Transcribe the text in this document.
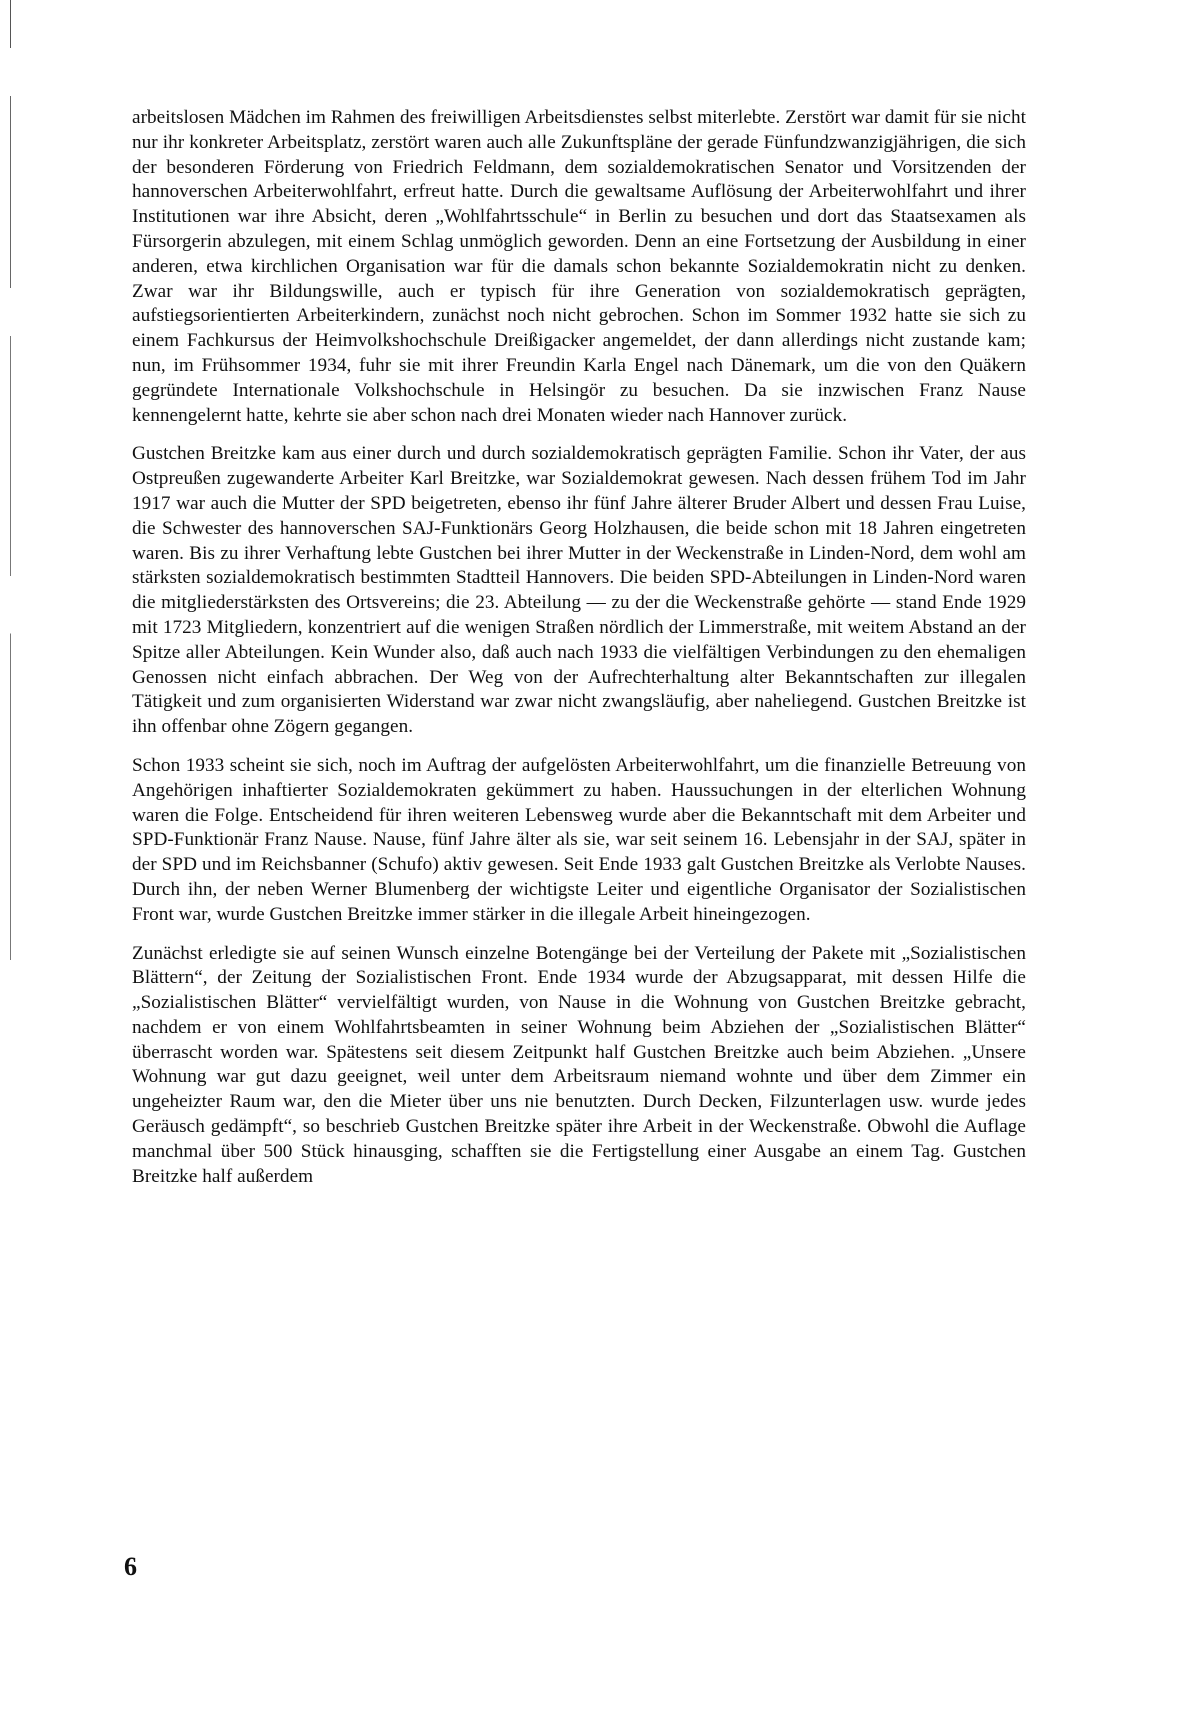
arbeitslosen Mädchen im Rahmen des freiwilligen Arbeitsdienstes selbst miterlebte. Zerstört war damit für sie nicht nur ihr konkreter Arbeitsplatz, zerstört waren auch alle Zukunftspläne der gerade Fünfundzwanzigjährigen, die sich der besonderen Förderung von Friedrich Feldmann, dem sozialdemokratischen Senator und Vorsitzenden der hannoverschen Arbeiterwohlfahrt, erfreut hatte. Durch die gewaltsame Auflösung der Arbeiterwohlfahrt und ihrer Institutionen war ihre Absicht, deren „Wohlfahrtsschule“ in Berlin zu besuchen und dort das Staatsexamen als Fürsorgerin abzulegen, mit einem Schlag unmöglich geworden. Denn an eine Fortsetzung der Ausbildung in einer anderen, etwa kirchlichen Organisation war für die damals schon bekannte Sozialdemokratin nicht zu denken. Zwar war ihr Bildungswille, auch er typisch für ihre Generation von sozialdemokratisch geprägten, aufstiegsorientierten Arbeiterkindern, zunächst noch nicht gebrochen. Schon im Sommer 1932 hatte sie sich zu einem Fachkursus der Heimvolkshochschule Dreißigacker angemeldet, der dann allerdings nicht zustande kam; nun, im Frühsommer 1934, fuhr sie mit ihrer Freundin Karla Engel nach Dänemark, um die von den Quäkern gegründete Internationale Volkshochschule in Helsingör zu besuchen. Da sie inzwischen Franz Nause kennengelernt hatte, kehrte sie aber schon nach drei Monaten wieder nach Hannover zurück.

Gustchen Breitzke kam aus einer durch und durch sozialdemokratisch geprägten Familie. Schon ihr Vater, der aus Ostpreußen zugewanderte Arbeiter Karl Breitzke, war Sozialdemokrat gewesen. Nach dessen frühem Tod im Jahr 1917 war auch die Mutter der SPD beigetreten, ebenso ihr fünf Jahre älterer Bruder Albert und dessen Frau Luise, die Schwester des hannoverschen SAJ-Funktionärs Georg Holzhausen, die beide schon mit 18 Jahren eingetreten waren. Bis zu ihrer Verhaftung lebte Gustchen bei ihrer Mutter in der Weckenstraße in Linden-Nord, dem wohl am stärksten sozialdemokratisch bestimmten Stadtteil Hannovers. Die beiden SPD-Abteilungen in Linden-Nord waren die mitgliederstärksten des Ortsvereins; die 23. Abteilung — zu der die Weckenstraße gehörte — stand Ende 1929 mit 1723 Mitgliedern, konzentriert auf die wenigen Straßen nördlich der Limmerstraße, mit weitem Abstand an der Spitze aller Abteilungen. Kein Wunder also, daß auch nach 1933 die vielfältigen Verbindungen zu den ehemaligen Genossen nicht einfach abbrachen. Der Weg von der Aufrechterhaltung alter Bekanntschaften zur illegalen Tätigkeit und zum organisierten Widerstand war zwar nicht zwangsläufig, aber naheliegend. Gustchen Breitzke ist ihn offenbar ohne Zögern gegangen.

Schon 1933 scheint sie sich, noch im Auftrag der aufgelösten Arbeiterwohlfahrt, um die finanzielle Betreuung von Angehörigen inhaftierter Sozialdemokraten gekümmert zu haben. Haussuchungen in der elterlichen Wohnung waren die Folge. Entscheidend für ihren weiteren Lebensweg wurde aber die Bekanntschaft mit dem Arbeiter und SPD-Funktionär Franz Nause. Nause, fünf Jahre älter als sie, war seit seinem 16. Lebensjahr in der SAJ, später in der SPD und im Reichsbanner (Schufo) aktiv gewesen. Seit Ende 1933 galt Gustchen Breitzke als Verlobte Nauses. Durch ihn, der neben Werner Blumenberg der wichtigste Leiter und eigentliche Organisator der Sozialistischen Front war, wurde Gustchen Breitzke immer stärker in die illegale Arbeit hineingezogen.

Zunächst erledigte sie auf seinen Wunsch einzelne Botengänge bei der Verteilung der Pakete mit „Sozialistischen Blättern“, der Zeitung der Sozialistischen Front. Ende 1934 wurde der Abzugsapparat, mit dessen Hilfe die „Sozialistischen Blätter“ vervielfältigt wurden, von Nause in die Wohnung von Gustchen Breitzke gebracht, nachdem er von einem Wohlfahrtsbeamten in seiner Wohnung beim Abziehen der „Sozialistischen Blätter“ überrascht worden war. Spätestens seit diesem Zeitpunkt half Gustchen Breitzke auch beim Abziehen. „Unsere Wohnung war gut dazu geeignet, weil unter dem Arbeitsraum niemand wohnte und über dem Zimmer ein ungeheizter Raum war, den die Mieter über uns nie benutzten. Durch Decken, Filzunterlagen usw. wurde jedes Geräusch gedämpft“, so beschrieb Gustchen Breitzke später ihre Arbeit in der Weckenstraße. Obwohl die Auflage manchmal über 500 Stück hinausging, schafften sie die Fertigstellung einer Ausgabe an einem Tag. Gustchen Breitzke half außerdem

6
